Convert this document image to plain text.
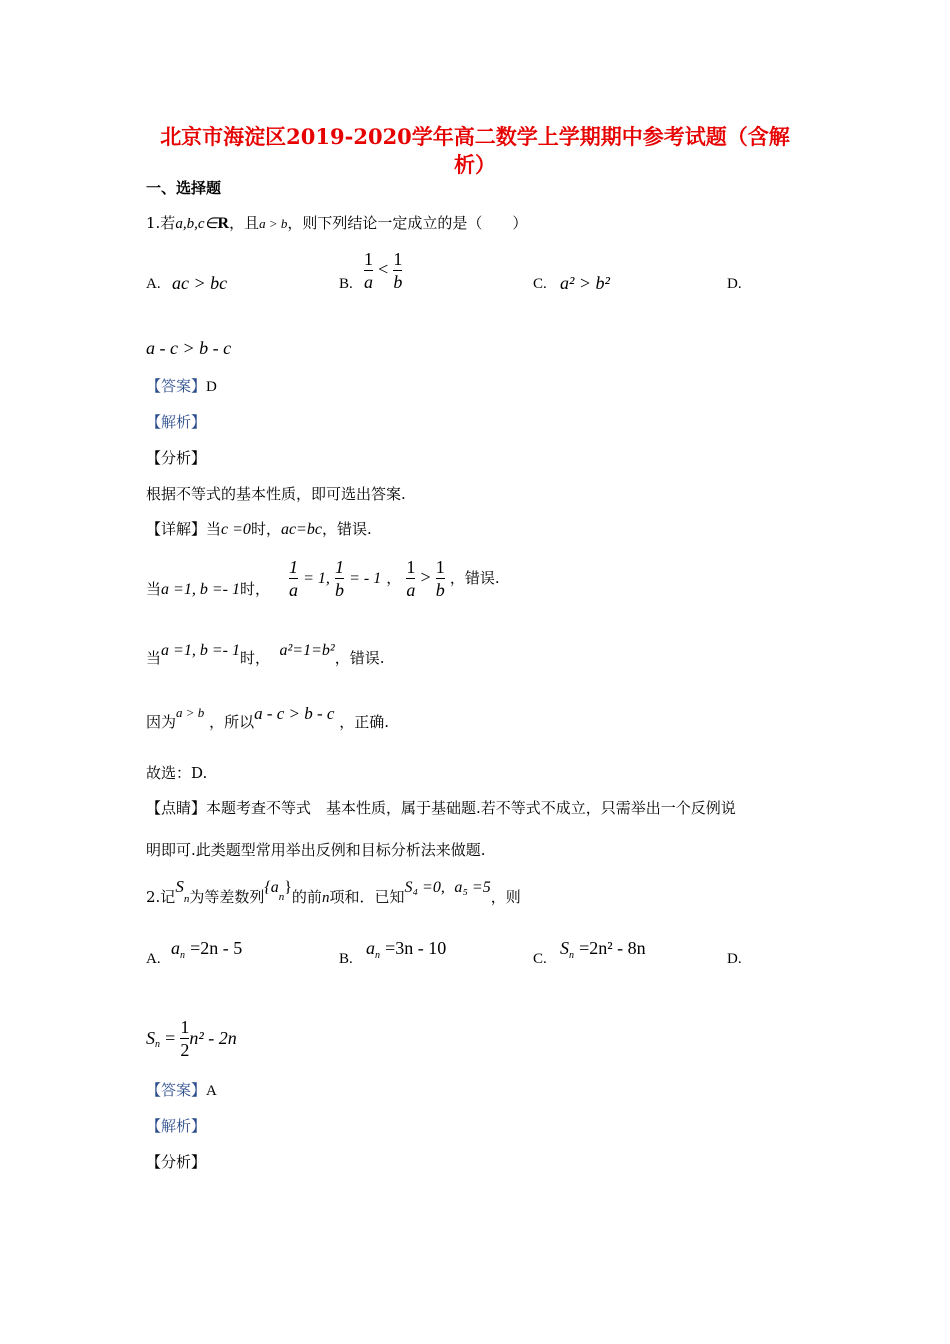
北京市海淀区2019-2020学年高二数学上学期期中参考试题（含解
析）
一、选择题
1.若a,b,c∈R，且a > b，则下列结论一定成立的是（　　）
A. ac > bc	B. $\frac{1}{a} < \frac{1}{b}$	C. a² > b²	D.
a - c > b - c
【答案】D
【解析】
【分析】
根据不等式的基本性质，即可选出答案.
【详解】当c =0时，ac=bc，错误.
当a =1, b =- 1时， $\frac{1}{a} = 1$, $\frac{1}{b}$ = - 1 ， $\frac{1}{a} > \frac{1}{b}$ ，错误.
当a =1, b =- 1时， a²=1=b²，错误.
因为a > b ，所以a - c > b - c ，正确.
故选：D.
【点睛】本题考查不等式　基本性质，属于基础题.若不等式不成立，只需举出一个反例说
明即可.此类题型常用举出反例和目标分析法来做题.
2.记$S_n$为等差数列$\{a_n\}$的前n项和．已知S₄ =0, a₅ =5，则
A.
$a_n =2n - 5$
B.
$a_n =3n - 10$
C.
$S_n =2n^2 - 8n$
D.
$S_n = \frac{1}{2} n^2 - 2n$
【答案】A
【解析】
【分析】
